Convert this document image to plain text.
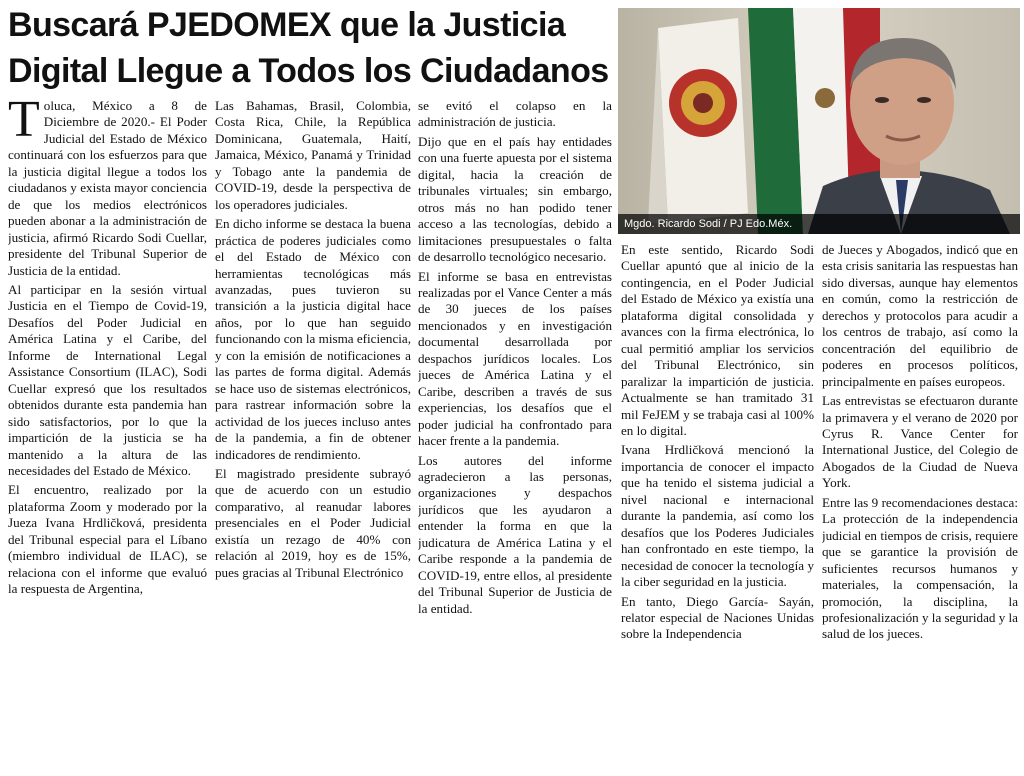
Buscará PJEDOMEX que la Justicia
Digital Llegue a Todos los Ciudadanos
Mgdo. Ricardo Sodi / PJ Edo.Méx.

Toluca, México a 8 de Diciembre de 2020.- El Poder Judicial del Estado de México continuará con los esfuerzos para que la justicia digital llegue a todos los ciudadanos y exista mayor conciencia de que los medios electrónicos pueden abonar a la administración de justicia, afirmó Ricardo Sodi Cuellar, presidente del Tribunal Superior de Justicia de la entidad.

Al participar en la sesión virtual Justicia en el Tiempo de Covid-19, Desafíos del Poder Judicial en América Latina y el Caribe, del Informe de International Legal Assistance Consortium (ILAC), Sodi Cuellar expresó que los resultados obtenidos durante esta pandemia han sido satisfactorios, por lo que la impartición de la justicia se ha mantenido a la altura de las necesidades del Estado de México.

El encuentro, realizado por la plataforma Zoom y moderado por la Jueza Ivana Hrdličková, presidenta del Tribunal especial para el Líbano (miembro individual de ILAC), se relaciona con el informe que evaluó la respuesta de Argentina,

Las Bahamas, Brasil, Colombia, Costa Rica, Chile, la República Dominicana, Guatemala, Haití, Jamaica, México, Panamá y Trinidad y Tobago ante la pandemia de COVID-19, desde la perspectiva de los operadores judiciales.

En dicho informe se destaca la buena práctica de poderes judiciales como el del Estado de México con herramientas tecnológicas más avanzadas, pues tuvieron su transición a la justicia digital hace años, por lo que han seguido funcionando con la misma eficiencia, y con la emisión de notificaciones a las partes de forma digital. Además se hace uso de sistemas electrónicos, para rastrear información sobre la actividad de los jueces incluso antes de la pandemia, a fin de obtener indicadores de rendimiento.

El magistrado presidente subrayó que de acuerdo con un estudio comparativo, al reanudar labores presenciales en el Poder Judicial existía un rezago de 40% con relación al 2019, hoy es de 15%, pues gracias al Tribunal Electrónico

se evitó el colapso en la administración de justicia.

Dijo que en el país hay entidades con una fuerte apuesta por el sistema digital, hacia la creación de tribunales virtuales; sin embargo, otros más no han podido tener acceso a las tecnologías, debido a limitaciones presupuestales o falta de desarrollo tecnológico necesario.

El informe se basa en entrevistas realizadas por el Vance Center a más de 30 jueces de los países mencionados y en investigación documental desarrollada por despachos jurídicos locales. Los jueces de América Latina y el Caribe, describen a través de sus experiencias, los desafíos que el poder judicial ha confrontado para hacer frente a la pandemia.

Los autores del informe agradecieron a las personas, organizaciones y despachos jurídicos que les ayudaron a entender la forma en que la judicatura de América Latina y el Caribe responde a la pandemia de COVID-19, entre ellos, al presidente del Tribunal Superior de Justicia de la entidad.

En este sentido, Ricardo Sodi Cuellar apuntó que al inicio de la contingencia, en el Poder Judicial del Estado de México ya existía una plataforma digital consolidada y avances con la firma electrónica, lo cual permitió ampliar los servicios del Tribunal Electrónico, sin paralizar la impartición de justicia. Actualmente se han tramitado 31 mil FeJEM y se trabaja casi al 100% en lo digital.

Ivana Hrdličková mencionó la importancia de conocer el impacto que ha tenido el sistema judicial a nivel nacional e internacional durante la pandemia, así como los desafíos que los Poderes Judiciales han confrontado en este tiempo, la necesidad de conocer la tecnología y la ciber seguridad en la justicia.

En tanto, Diego García- Sayán, relator especial de Naciones Unidas sobre la Independencia

de Jueces y Abogados, indicó que en esta crisis sanitaria las respuestas han sido diversas, aunque hay elementos en común, como la restricción de derechos y protocolos para acudir a los centros de trabajo, así como la concentración del equilibrio de poderes en procesos políticos, principalmente en países europeos.

Las entrevistas se efectuaron durante la primavera y el verano de 2020 por Cyrus R. Vance Center for International Justice, del Colegio de Abogados de la Ciudad de Nueva York.

Entre las 9 recomendaciones destaca: La protección de la independencia judicial en tiempos de crisis, requiere que se garantice la provisión de suficientes recursos humanos y materiales, la compensación, la promoción, la disciplina, la profesionalización y la seguridad y la salud de los jueces.
